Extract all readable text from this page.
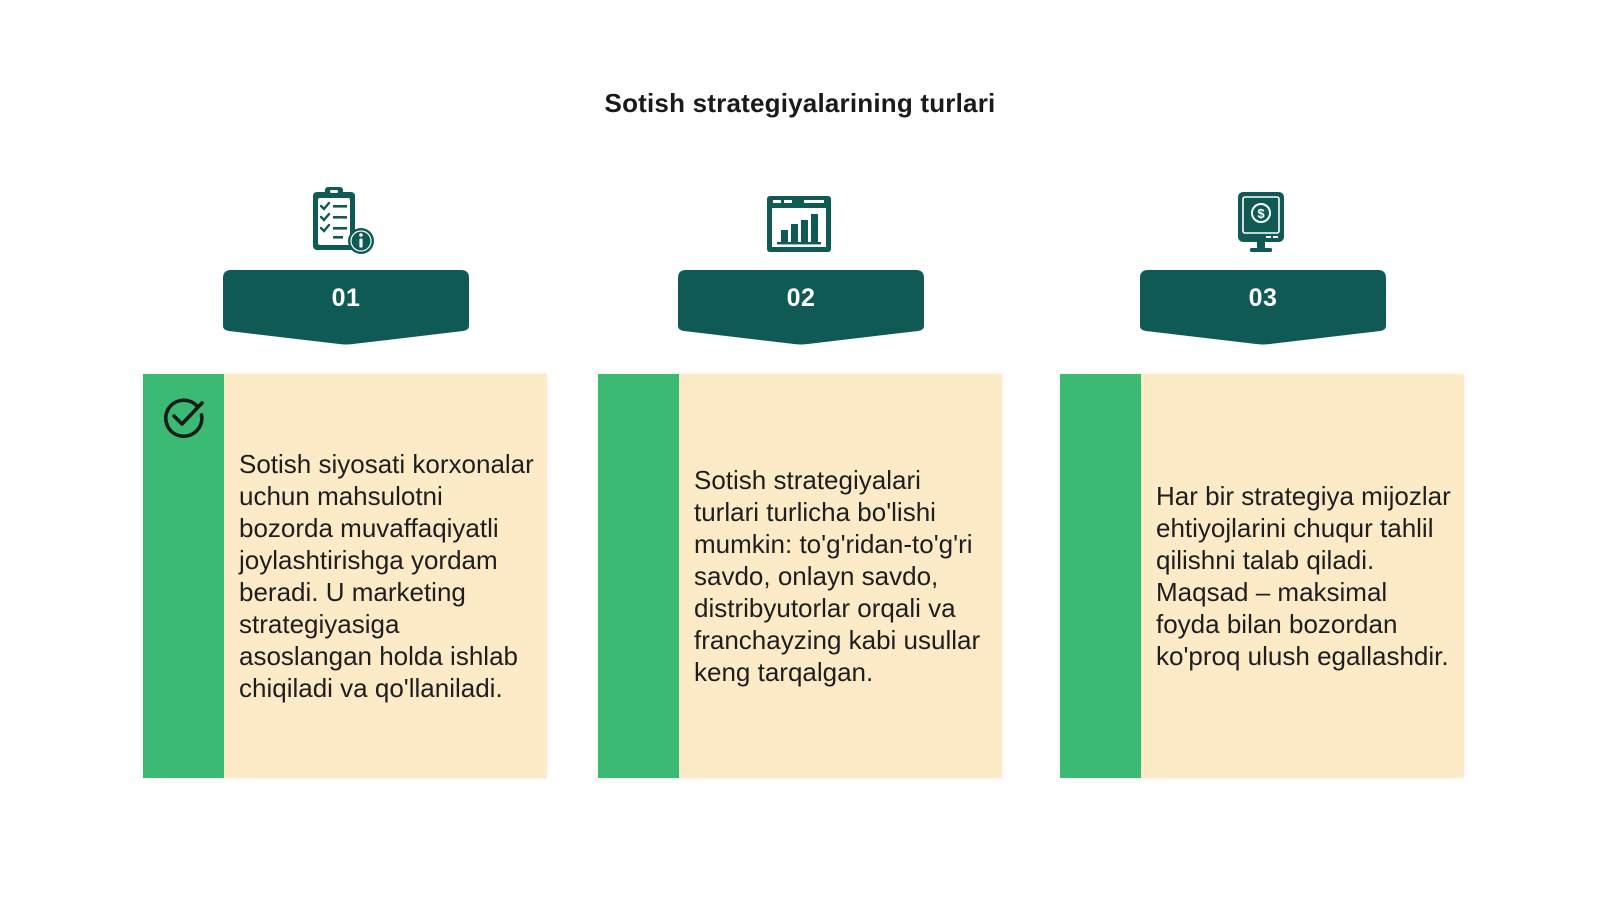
Sotish strategiyalarining turlari
01
Sotish siyosati korxonalar uchun mahsulotni bozorda muvaffaqiyatli joylashtirishga yordam beradi. U marketing strategiyasiga asoslangan holda ishlab chiqiladi va qo'llaniladi.
02
Sotish strategiyalari turlari turlicha bo'lishi mumkin: to'g'ridan-to'g'ri savdo, onlayn savdo, distribyutorlar orqali va franchayzing kabi usullar keng tarqalgan.
$
03
Har bir strategiya mijozlar ehtiyojlarini chuqur tahlil qilishni talab qiladi. Maqsad – maksimal foyda bilan bozordan ko'proq ulush egallashdir.
